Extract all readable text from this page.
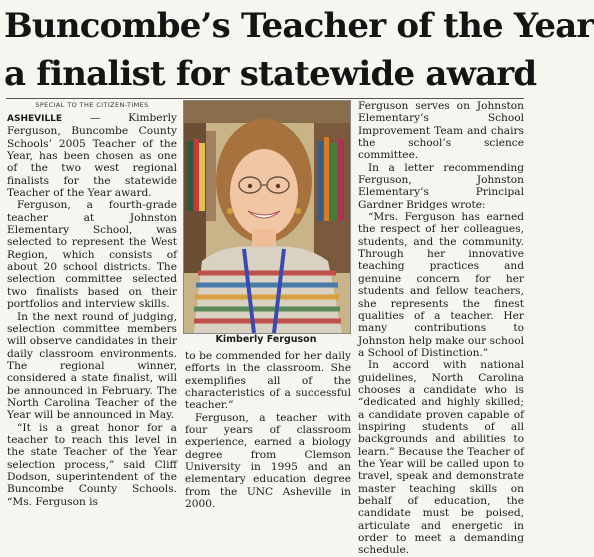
Buncombe’s Teacher of the Year
a finalist for statewide award
SPECIAL TO THE CITIZEN-TIMES

ASHEVILLE — Kimberly Ferguson, Buncombe County Schools’ 2005 Teacher of the Year, has been chosen as one of the two west regional finalists for the statewide Teacher of the Year award.

Ferguson, a fourth-grade teacher at Johnston Elementary School, was selected to represent the West Region, which consists of about 20 school districts. The selection committee selected two finalists based on their portfolios and interview skills.

In the next round of judging, selection committee members will observe candidates in their daily classroom environments. The regional winner, considered a state finalist, will be announced in February. The North Carolina Teacher of the Year will be announced in May.

“It is a great honor for a teacher to reach this level in the state Teacher of the Year selection process,” said Cliff Dodson, superintendent of the Buncombe County Schools. “Ms. Ferguson is

Kimberly Ferguson

to be commended for her daily efforts in the classroom. She exemplifies all of the characteristics of a successful teacher.”

Ferguson, a teacher with four years of classroom experience, earned a biology degree from Clemson University in 1995 and an elementary education degree from the UNC Asheville in 2000.

Ferguson serves on Johnston Elementary’s School Improvement Team and chairs the school’s science committee.

In a letter recommending Ferguson, Johnston Elementary’s Principal Gardner Bridges wrote:

“Mrs. Ferguson has earned the respect of her colleagues, students, and the community. Through her innovative teaching practices and genuine concern for her students and fellow teachers, she represents the finest qualities of a teacher. Her many contributions to Johnston help make our school a School of Distinction.”

In accord with national guidelines, North Carolina chooses a candidate who is “dedicated and highly skilled; a candidate proven capable of inspiring students of all backgrounds and abilities to learn.” Because the Teacher of the Year will be called upon to travel, speak and demonstrate master teaching skills on behalf of education, the candidate must be poised, articulate and energetic in order to meet a demanding schedule.
